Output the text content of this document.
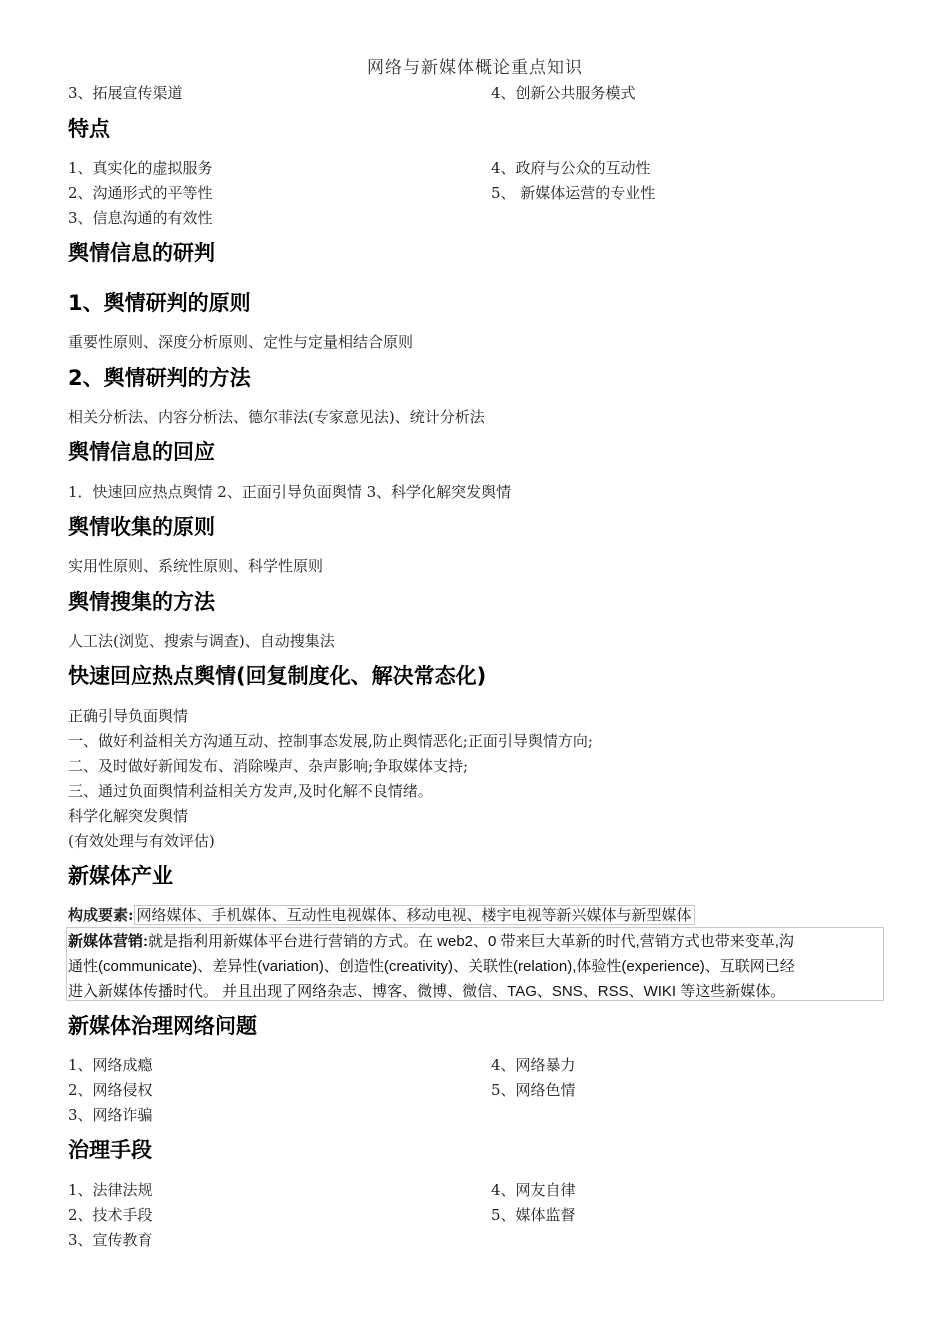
网络与新媒体概论重点知识
3、拓展宣传渠道	4、创新公共服务模式
特点
1、真实化的虚拟服务
2、沟通形式的平等性
3、信息沟通的有效性
4、政府与公众的互动性
5、 新媒体运营的专业性
舆情信息的研判
1、舆情研判的原则
重要性原则、深度分析原则、定性与定量相结合原则
2、舆情研判的方法
相关分析法、内容分析法、德尔菲法(专家意见法)、统计分析法
舆情信息的回应
1．快速回应热点舆情 2、正面引导负面舆情 3、科学化解突发舆情
舆情收集的原则
实用性原则、系统性原则、科学性原则
舆情搜集的方法
人工法(浏览、搜索与调查)、自动搜集法
快速回应热点舆情(回复制度化、解决常态化)
正确引导负面舆情
一、做好利益相关方沟通互动、控制事态发展,防止舆情恶化;正面引导舆情方向;
二、及时做好新闻发布、消除噪声、杂声影响;争取媒体支持;
三、通过负面舆情利益相关方发声,及时化解不良情绪。
科学化解突发舆情
(有效处理与有效评估)
新媒体产业
构成要素: 网络媒体、手机媒体、互动性电视媒体、移动电视、楼宇电视等新兴媒体与新型媒体
新媒体营销:就是指利用新媒体平台进行营销的方式。在 web2、0 带来巨大革新的时代,营销方式也带来变革,沟
通性(communicate)、差异性(variation)、创造性(creativity)、关联性(relation),体验性(experience)、互联网已经
进入新媒体传播时代。 并且出现了网络杂志、博客、微博、微信、TAG、SNS、RSS、WIKI 等这些新媒体。
新媒体治理网络问题
1、网络成瘾
2、网络侵权
3、网络诈骗
4、网络暴力
5、网络色情
治理手段
1、法律法规
2、技术手段
3、宣传教育
4、网友自律
5、媒体监督
